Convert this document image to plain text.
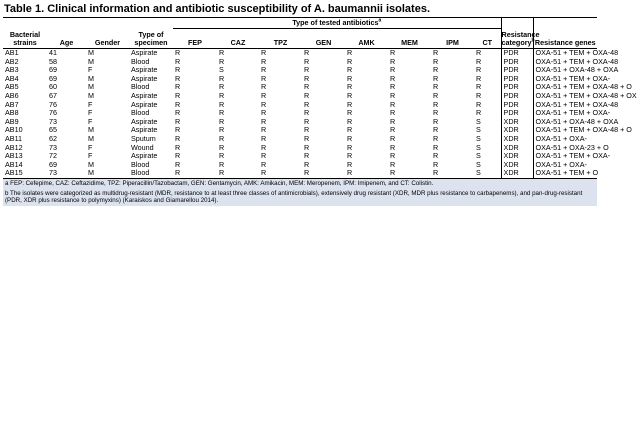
Table 1. Clinical information and antibiotic susceptibility of A. baumannii isolates.
Bacterial strains	Age	Gender	Type of specimen	Type of tested antibiotics$^a$								Resistance category$^b$	Resistance genes
				FEP	CAZ	TPZ	GEN	AMK	MEM	IPM	CT		
AB1	41	M	Aspirate	R	R	R	R	R	R	R	R	PDR	OXA-51 + TEM + OXA-48
AB2	58	M	Blood	R	R	R	R	R	R	R	R	PDR	OXA-51 + TEM + OXA-48
AB3	69	F	Aspirate	R	S	R	R	R	R	R	R	PDR	OXA-51 + OXA-48 + OXA
AB4	69	M	Aspirate	R	R	R	R	R	R	R	R	PDR	OXA-51 + TEM + OXA-
AB5	60	M	Blood	R	R	R	R	R	R	R	R	PDR	OXA-51 + TEM + OXA-48 + O
AB6	67	M	Aspirate	R	R	R	R	R	R	R	R	PDR	OXA-51 + TEM + OXA-48 + OX
AB7	76	F	Aspirate	R	R	R	R	R	R	R	R	PDR	OXA-51 + TEM + OXA-48
AB8	76	F	Blood	R	R	R	R	R	R	R	R	PDR	OXA-51 + TEM + OXA-
AB9	73	F	Aspirate	R	R	R	R	R	R	R	S	XDR	OXA-51 + OXA-48 + OXA
AB10	65	M	Aspirate	R	R	R	R	R	R	R	S	XDR	OXA-51 + TEM + OXA-48 + O
AB11	62	M	Sputum	R	R	R	R	R	R	R	S	XDR	OXA-51 + OXA-
AB12	73	F	Wound	R	R	R	R	R	R	R	S	XDR	OXA-51 + OXA-23 + O
AB13	72	F	Aspirate	R	R	R	R	R	R	R	S	XDR	OXA-51 + TEM + OXA-
AB14	69	M	Blood	R	R	R	R	R	R	R	S	XDR	OXA-51 + OXA-
AB15	73	M	Blood	R	R	R	R	R	R	R	S	XDR	OXA-51 + TEM + O
a FEP: Cefepime, CAZ: Ceftazidime, TPZ: Piperacillin/Tazobactam, GEN: Gentamycin, AMK: Amikacin, MEM: Meropenem, IPM: Imipenem, and CT: Colistin.													
b The isolates were categorized as multidrug-resistant (MDR, resistance to at least three classes of antimicrobials), extensively drug resistant (XDR, MDR plus resistance to carbapenems), and pan-drug-resistant (PDR, XDR plus resistance to polymyxins) (Karaiskos and Giamarellou 2014).													
